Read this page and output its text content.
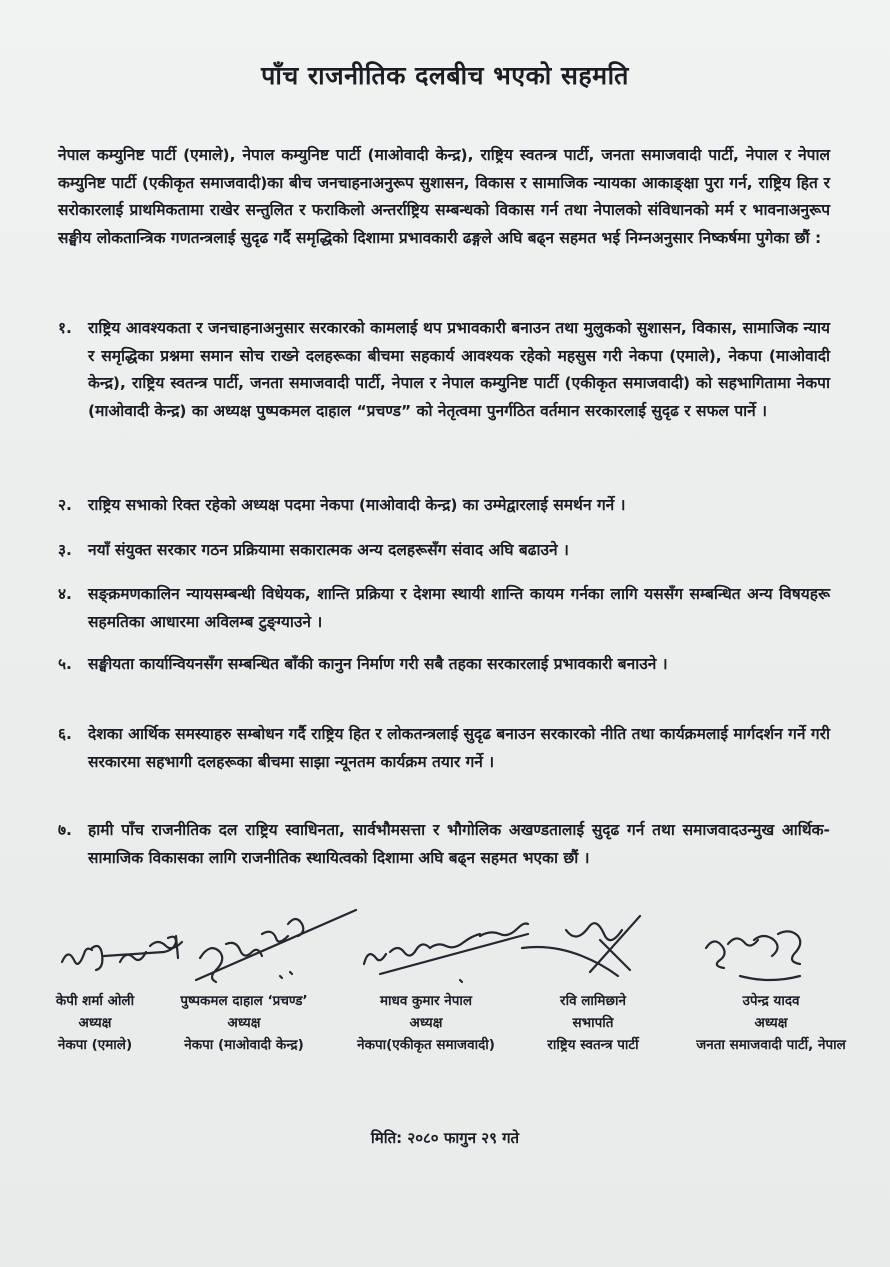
पाँच राजनीतिक दलबीच भएको सहमति
नेपाल कम्युनिष्ट पार्टी (एमाले), नेपाल कम्युनिष्ट पार्टी (माओवादी केन्द्र), राष्ट्रिय स्वतन्त्र पार्टी, जनता समाजवादी पार्टी, नेपाल र नेपाल कम्युनिष्ट पार्टी (एकीकृत समाजवादी)का बीच जनचाहनाअनुरूप सुशासन, विकास र सामाजिक न्यायका आकाङ्क्षा पुरा गर्न, राष्ट्रिय हित र सरोकारलाई प्राथमिकतामा राखेर सन्तुलित र फराकिलो अन्तर्राष्ट्रिय सम्बन्धको विकास गर्न तथा नेपालको संविधानको मर्म र भावनाअनुरूप सङ्घीय लोकतान्त्रिक गणतन्त्रलाई सुदृढ गर्दै समृद्धिको दिशामा प्रभावकारी ढङ्गले अघि बढ्न सहमत भई निम्नअनुसार निष्कर्षमा पुगेका छौं :
१.	राष्ट्रिय आवश्यकता र जनचाहनाअनुसार सरकारको कामलाई थप प्रभावकारी बनाउन तथा मुलुकको सुशासन, विकास, सामाजिक न्याय र समृद्धिका प्रश्नमा समान सोच राख्ने दलहरूका बीचमा सहकार्य आवश्यक रहेको महसुस गरी नेकपा (एमाले), नेकपा (माओवादी केन्द्र), राष्ट्रिय स्वतन्त्र पार्टी, जनता समाजवादी पार्टी, नेपाल र नेपाल कम्युनिष्ट पार्टी (एकीकृत समाजवादी) को सहभागितामा नेकपा (माओवादी केन्द्र) का अध्यक्ष पुष्पकमल दाहाल “प्रचण्ड” को नेतृत्वमा पुनर्गठित वर्तमान सरकारलाई सुदृढ र सफल पार्ने ।
२.	राष्ट्रिय सभाको रिक्त रहेको अध्यक्ष पदमा नेकपा (माओवादी केन्द्र) का उम्मेद्वारलाई समर्थन गर्ने ।
३.	नयाँ संयुक्त सरकार गठन प्रक्रियामा सकारात्मक अन्य दलहरूसँग संवाद अघि बढाउने ।
४.	सङ्क्रमणकालिन न्यायसम्बन्धी विधेयक, शान्ति प्रक्रिया र देशमा स्थायी शान्ति कायम गर्नका लागि यससँग सम्बन्धित अन्य विषयहरू सहमतिका आधारमा अविलम्ब टुङ्ग्याउने ।
५.	सङ्घीयता कार्यान्वियनसँग सम्बन्धित बाँकी कानुन निर्माण गरी सबै तहका सरकारलाई प्रभावकारी बनाउने ।
६.	देशका आर्थिक समस्याहरु सम्बोधन गर्दै राष्ट्रिय हित र लोकतन्त्रलाई सुदृढ बनाउन सरकारको नीति तथा कार्यक्रमलाई मार्गदर्शन गर्ने गरी सरकारमा सहभागी दलहरूका बीचमा साझा न्यूनतम कार्यक्रम तयार गर्ने ।
७.	हामी पाँच राजनीतिक दल राष्ट्रिय स्वाधिनता, सार्वभौमसत्ता र भौगोलिक अखण्डतालाई सुदृढ गर्न तथा समाजवादउन्मुख आर्थिक-सामाजिक विकासका लागि राजनीतिक स्थायित्वको दिशामा अघि बढ्न सहमत भएका छौं ।
केपी शर्मा ओली
अध्यक्ष
नेकपा (एमाले)
पुष्पकमल दाहाल ‘प्रचण्ड’
अध्यक्ष
नेकपा (माओवादी केन्द्र)
माधव कुमार नेपाल
अध्यक्ष
नेकपा(एकीकृत समाजवादी)
रवि लामिछाने
सभापति
राष्ट्रिय स्वतन्त्र पार्टी
उपेन्द्र यादव
अध्यक्ष
जनता समाजवादी पार्टी, नेपाल
मिति: २०८० फागुन २९ गते
